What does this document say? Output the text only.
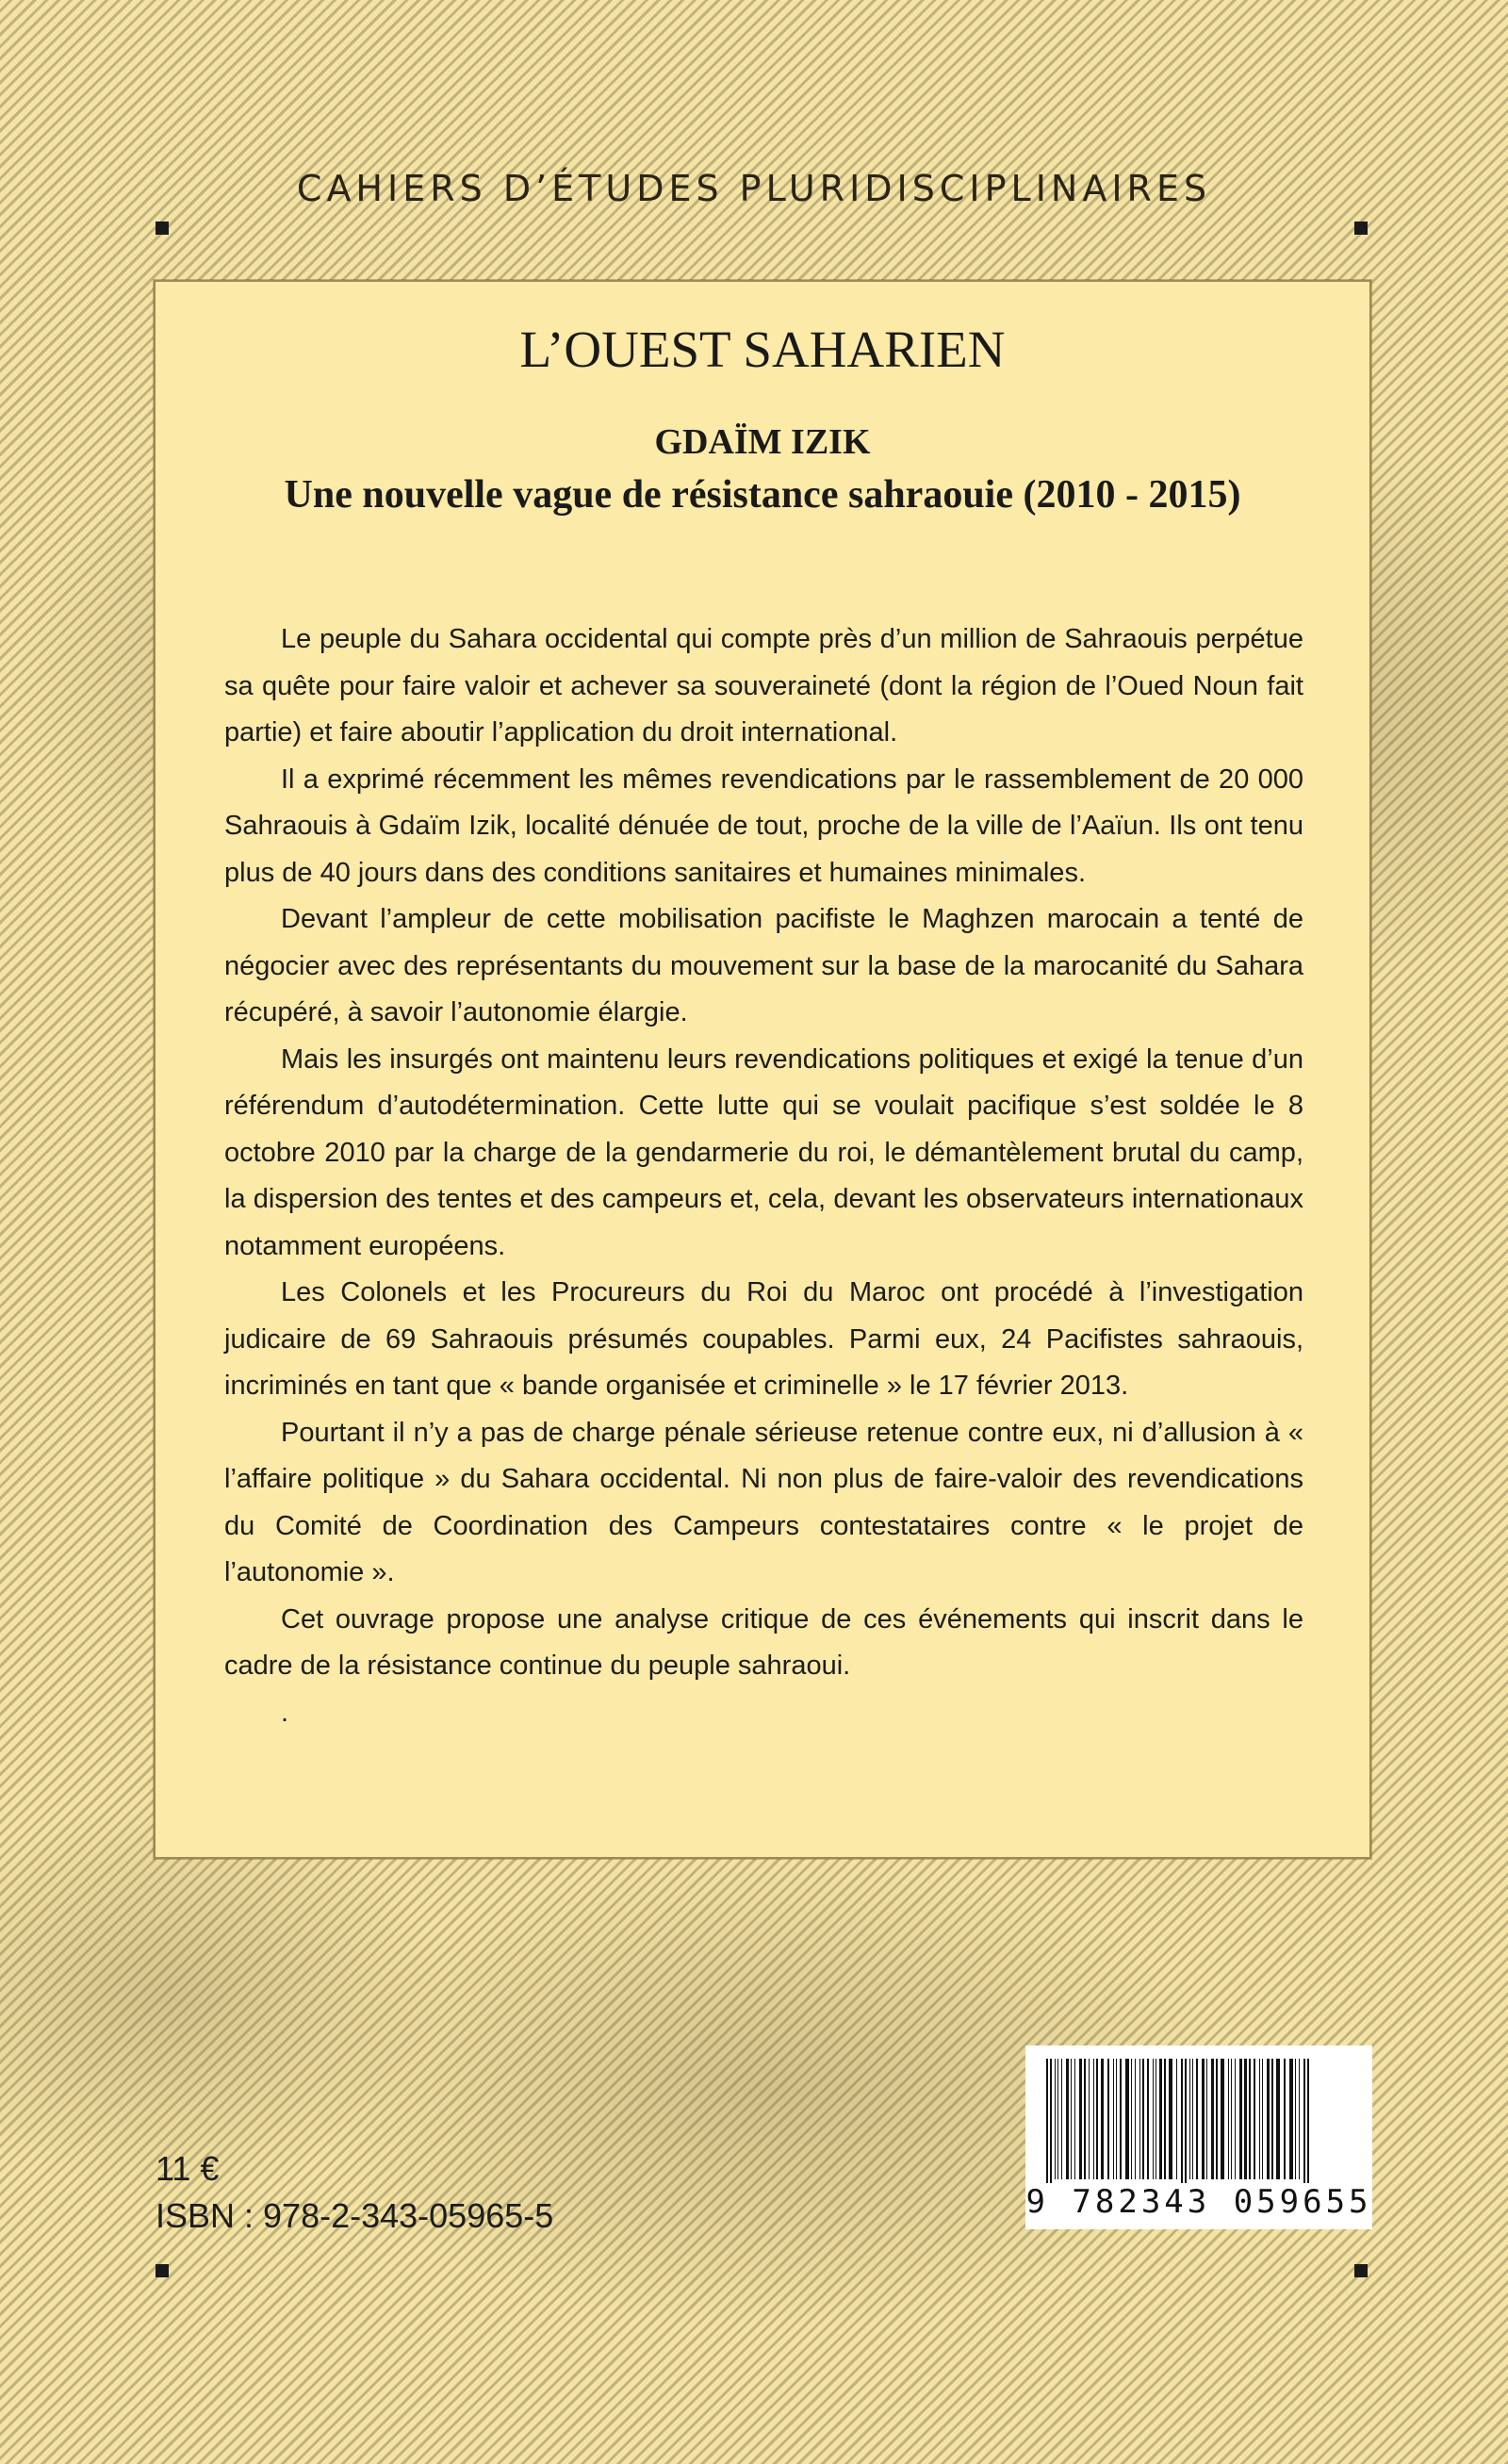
CAHIERS D’ÉTUDES PLURIDISCIPLINAIRES
L’OUEST SAHARIEN
GDAÏM IZIK
Une nouvelle vague de résistance sahraouie (2010 - 2015)

Le peuple du Sahara occidental qui compte près d’un million de Sahraouis perpétue sa quête pour faire valoir et achever sa souveraineté (dont la région de l’Oued Noun fait partie) et faire aboutir l’application du droit international.

Il a exprimé récemment les mêmes revendications par le rassemblement de 20 000 Sahraouis à Gdaïm Izik, localité dénuée de tout, proche de la ville de l’Aaïun. Ils ont tenu plus de 40 jours dans des conditions sanitaires et humaines minimales.

Devant l’ampleur de cette mobilisation pacifiste le Maghzen marocain a tenté de négocier avec des représentants du mouvement sur la base de la marocanité du Sahara récupéré, à savoir l’autonomie élargie.

Mais les insurgés ont maintenu leurs revendications politiques et exigé la tenue d’un référendum d’autodétermination. Cette lutte qui se voulait pacifique s’est soldée le 8 octobre 2010 par la charge de la gendarmerie du roi, le démantèlement brutal du camp, la dispersion des tentes et des campeurs et, cela, devant les observateurs internationaux notamment européens.

Les Colonels et les Procureurs du Roi du Maroc ont procédé à l’investigation judicaire de 69 Sahraouis présumés coupables. Parmi eux, 24 Pacifistes sahraouis, incriminés en tant que « bande organisée et criminelle » le 17 février 2013.

Pourtant il n’y a pas de charge pénale sérieuse retenue contre eux, ni d’allusion à « l’affaire politique » du Sahara occidental. Ni non plus de faire-valoir des revendications du Comité de Coordination des Campeurs contestataires contre « le projet de l’autonomie ».

Cet ouvrage propose une analyse critique de ces événements qui inscrit dans le cadre de la résistance continue du peuple sahraoui.

.

11 €
ISBN : 978-2-343-05965-5	9 782343 059655
